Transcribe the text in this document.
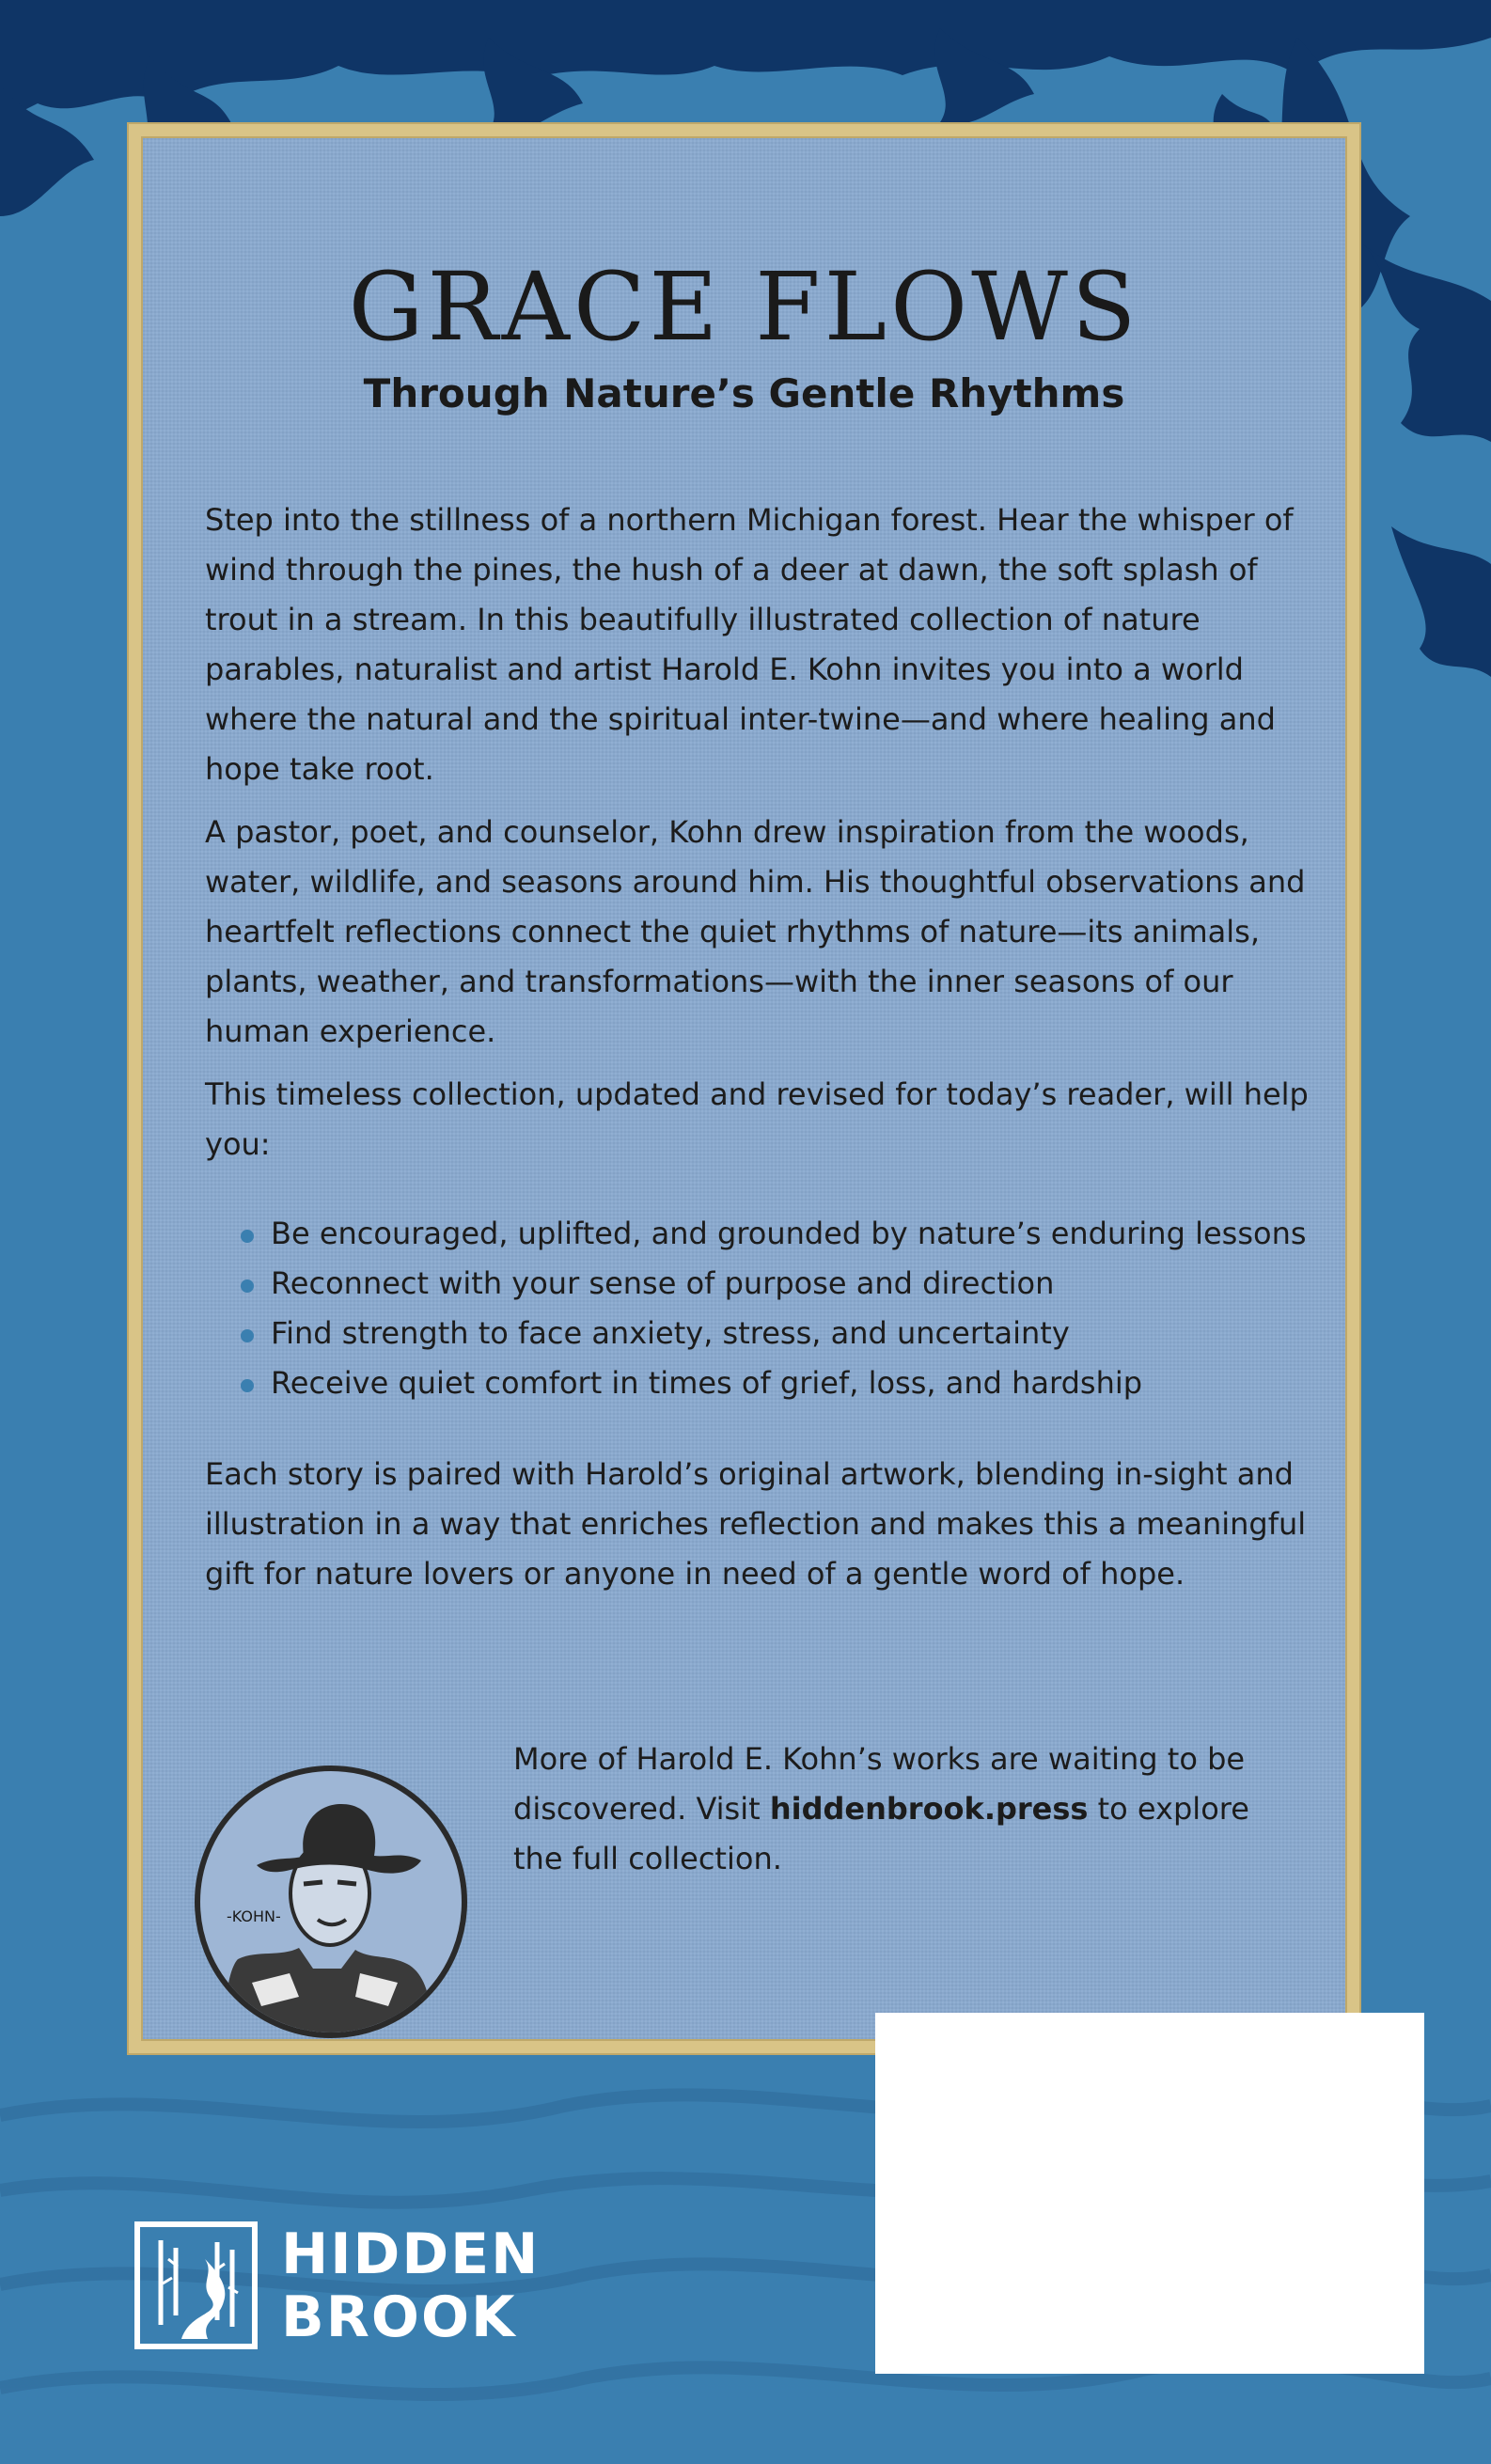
GRACE FLOWS
Through Nature’s Gentle Rhythms

Step into the stillness of a northern Michigan forest. Hear the whisper of wind through the pines, the hush of a deer at dawn, the soft splash of trout in a stream. In this beautifully illustrated collection of nature parables, naturalist and artist Harold E. Kohn invites you into a world where the natural and the spiritual inter-twine—and where healing and hope take root.

A pastor, poet, and counselor, Kohn drew inspiration from the woods, water, wildlife, and seasons around him. His thoughtful observations and heartfelt reflections connect the quiet rhythms of nature—its animals, plants, weather, and transformations—with the inner seasons of our human experience.

This timeless collection, updated and revised for today’s reader, will help you:

Be encouraged, uplifted, and grounded by nature’s enduring lessons
Reconnect with your sense of purpose and direction
Find strength to face anxiety, stress, and uncertainty
Receive quiet comfort in times of grief, loss, and hardship

Each story is paired with Harold’s original artwork, blending in-sight and illustration in a way that enriches reflection and makes this a meaningful gift for nature lovers or anyone in need of a gentle word of hope.

-KOHN-
More of Harold E. Kohn’s works are waiting to be discovered. Visit hiddenbrook.press to explore the full collection.
HIDDEN
BROOK
